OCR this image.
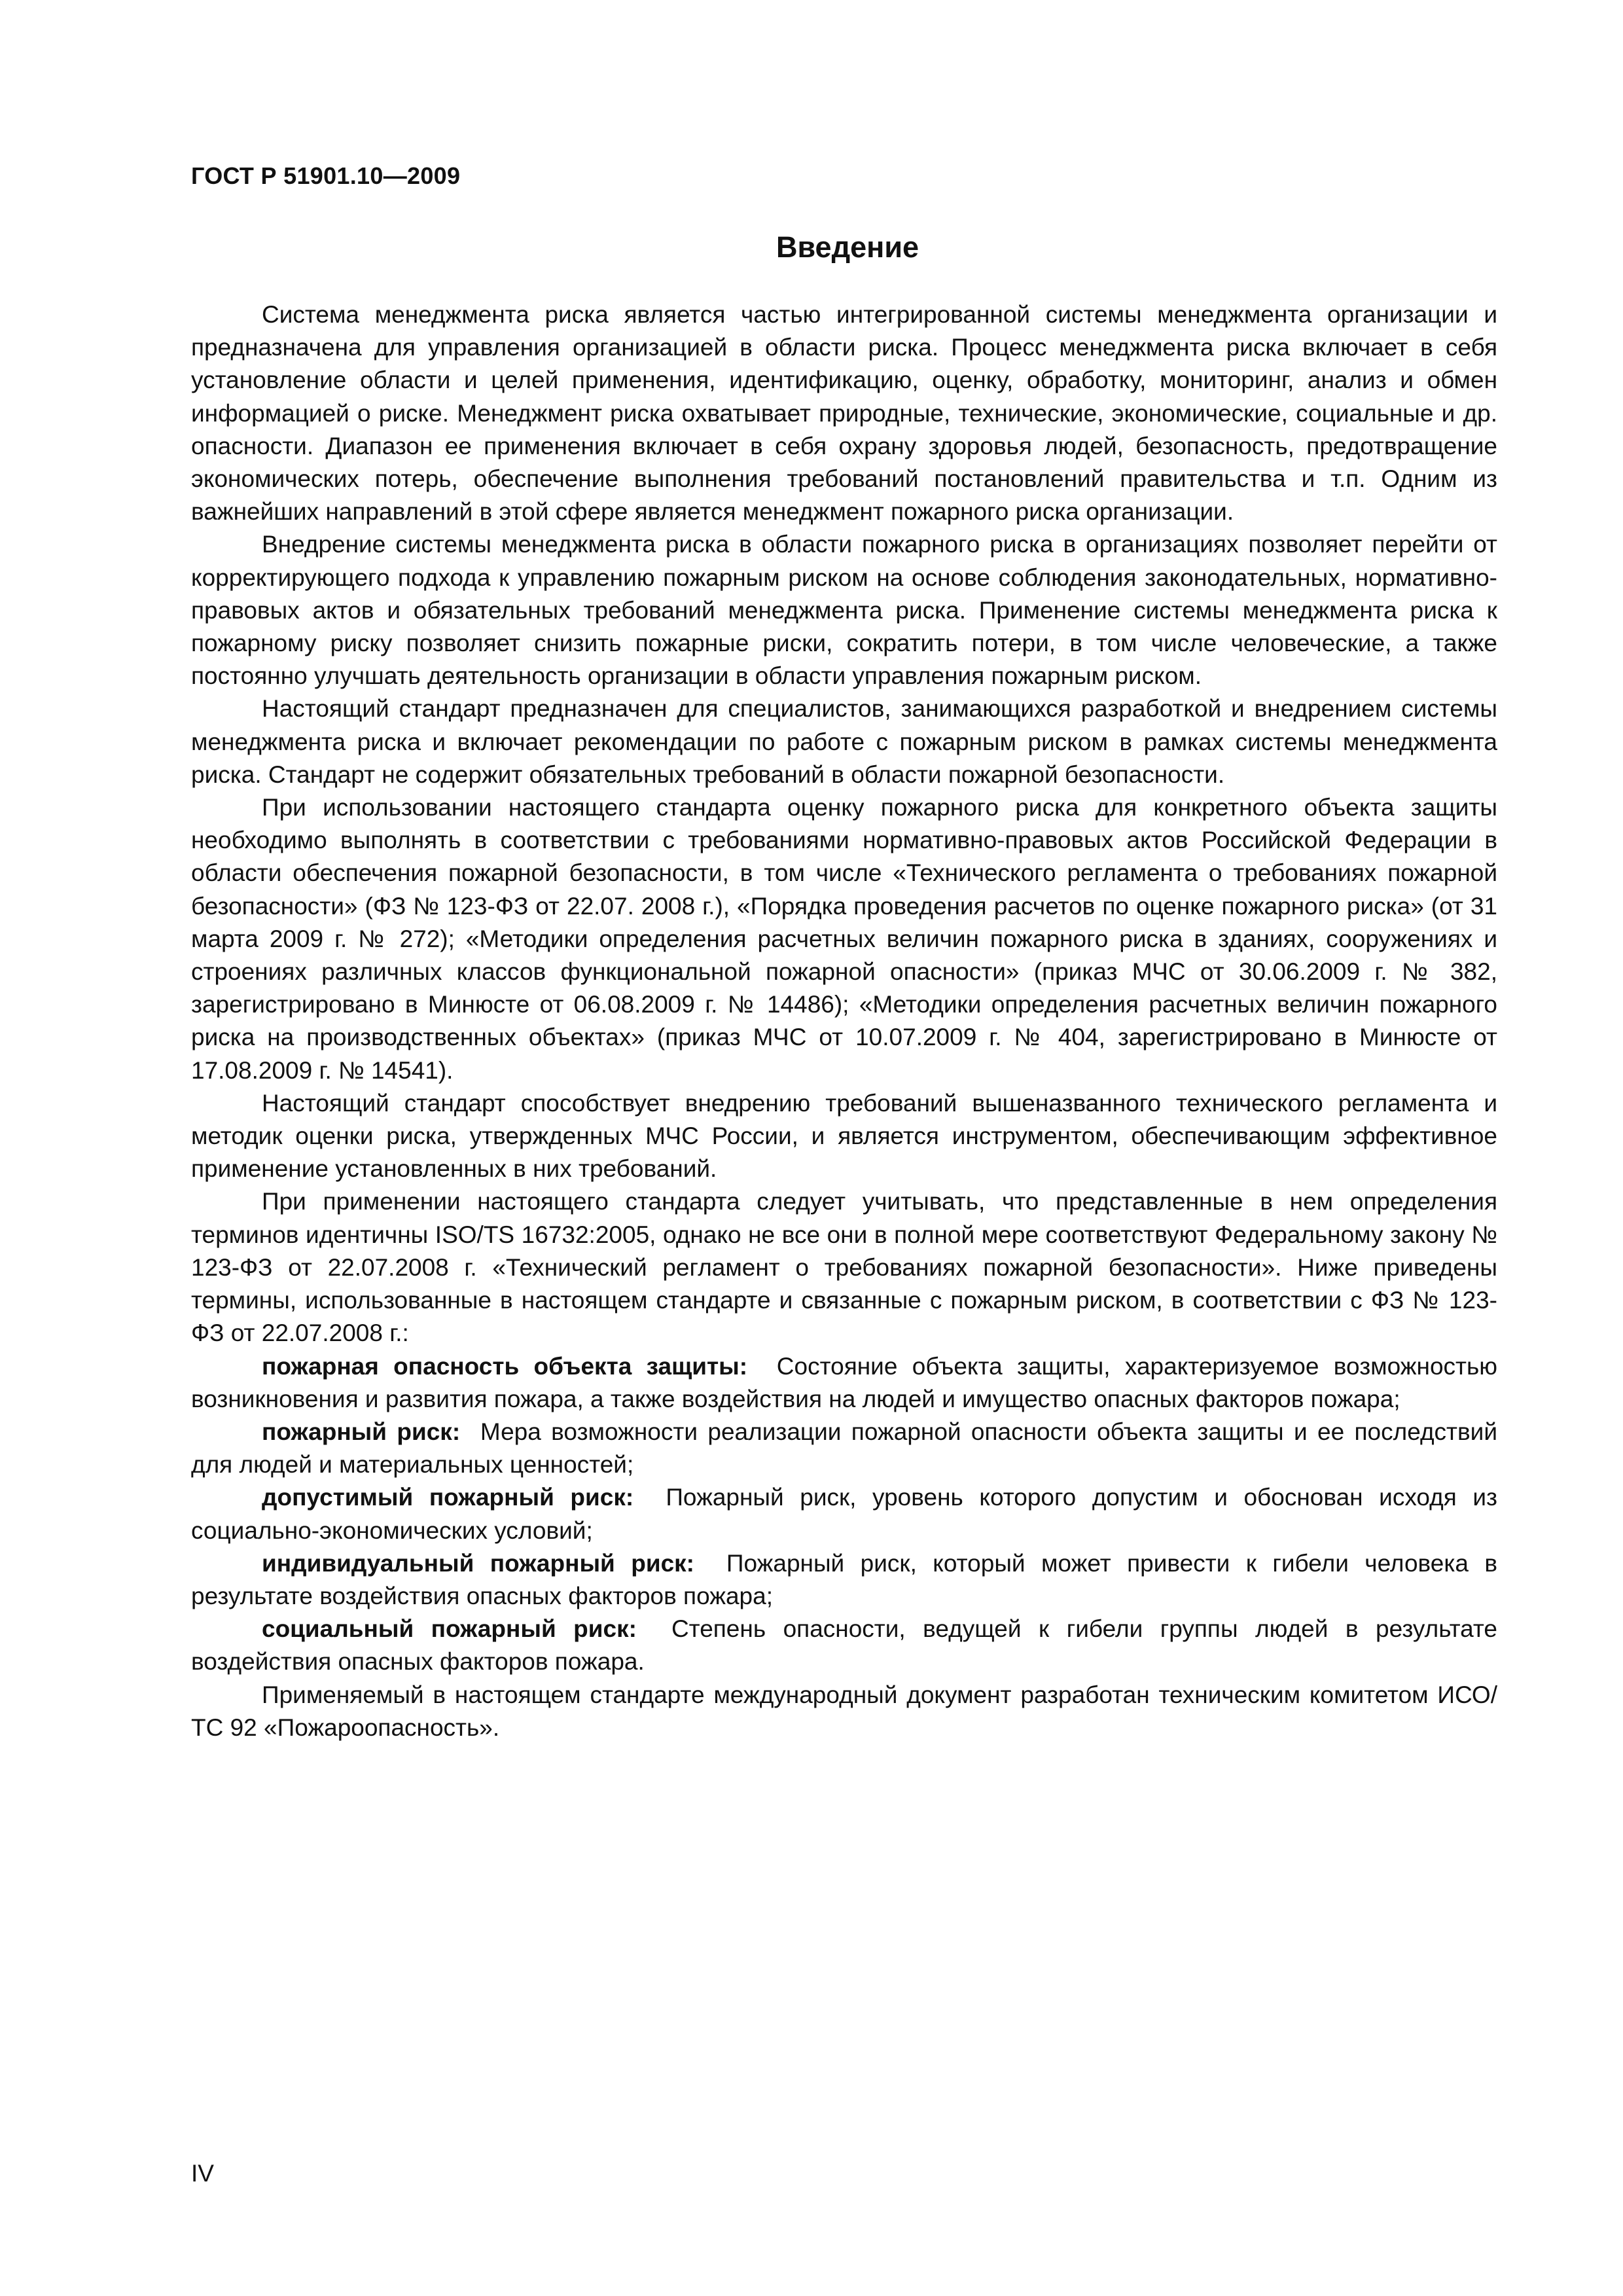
ГОСТ Р 51901.10—2009
Введение

Система менеджмента риска является частью интегрированной системы менеджмента организации и предназначена для управления организацией в области риска. Процесс менеджмента риска включает в себя установление области и целей применения, идентификацию, оценку, обработку, мониторинг, анализ и обмен информацией о риске. Менеджмент риска охватывает природные, технические, экономические, социальные и др. опасности. Диапазон ее применения включает в себя охрану здоровья людей, безопасность, предотвращение экономических потерь, обеспечение выполнения требований постановлений правительства и т.п. Одним из важнейших направлений в этой сфере является менеджмент пожарного риска организации.

Внедрение системы менеджмента риска в области пожарного риска в организациях позволяет перейти от корректирующего подхода к управлению пожарным риском на основе соблюдения законодательных, нормативно-правовых актов и обязательных требований менеджмента риска. Применение системы менеджмента риска к пожарному риску позволяет снизить пожарные риски, сократить потери, в том числе человеческие, а также постоянно улучшать деятельность организации в области управления пожарным риском.

Настоящий стандарт предназначен для специалистов, занимающихся разработкой и внедрением системы менеджмента риска и включает рекомендации по работе с пожарным риском в рамках системы менеджмента риска. Стандарт не содержит обязательных требований в области пожарной безопасности.

При использовании настоящего стандарта оценку пожарного риска для конкретного объекта защиты необходимо выполнять в соответствии с требованиями нормативно-правовых актов Российской Федерации в области обеспечения пожарной безопасности, в том числе «Технического регламента о требованиях пожарной безопасности» (ФЗ № 123-ФЗ от 22.07. 2008 г.), «Порядка проведения расчетов по оценке пожарного риска» (от 31 марта 2009 г. № 272); «Методики определения расчетных величин пожарного риска в зданиях, сооружениях и строениях различных классов функциональной пожарной опасности» (приказ МЧС от 30.06.2009 г. № 382, зарегистрировано в Минюсте от 06.08.2009 г. № 14486); «Методики определения расчетных величин пожарного риска на производственных объектах» (приказ МЧС от 10.07.2009 г. № 404, зарегистрировано в Минюсте от 17.08.2009 г. № 14541).

Настоящий стандарт способствует внедрению требований вышеназванного технического регламента и методик оценки риска, утвержденных МЧС России, и является инструментом, обеспечивающим эффективное применение установленных в них требований.

При применении настоящего стандарта следует учитывать, что представленные в нем определения терминов идентичны ISO/TS 16732:2005, однако не все они в полной мере соответствуют Федеральному закону № 123-ФЗ от 22.07.2008 г. «Технический регламент о требованиях пожарной безопасности». Ниже приведены термины, использованные в настоящем стандарте и связанные с пожарным риском, в соответствии с ФЗ № 123-ФЗ от 22.07.2008 г.:

пожарная опасность объекта защиты: Состояние объекта защиты, характеризуемое возможностью возникновения и развития пожара, а также воздействия на людей и имущество опасных факторов пожара;

пожарный риск: Мера возможности реализации пожарной опасности объекта защиты и ее последствий для людей и материальных ценностей;

допустимый пожарный риск: Пожарный риск, уровень которого допустим и обоснован исходя из социально-экономических условий;

индивидуальный пожарный риск: Пожарный риск, который может привести к гибели человека в результате воздействия опасных факторов пожара;

социальный пожарный риск: Степень опасности, ведущей к гибели группы людей в результате воздействия опасных факторов пожара.

Применяемый в настоящем стандарте международный документ разработан техническим комитетом ИСО/ТС 92 «Пожароопасность».

IV
